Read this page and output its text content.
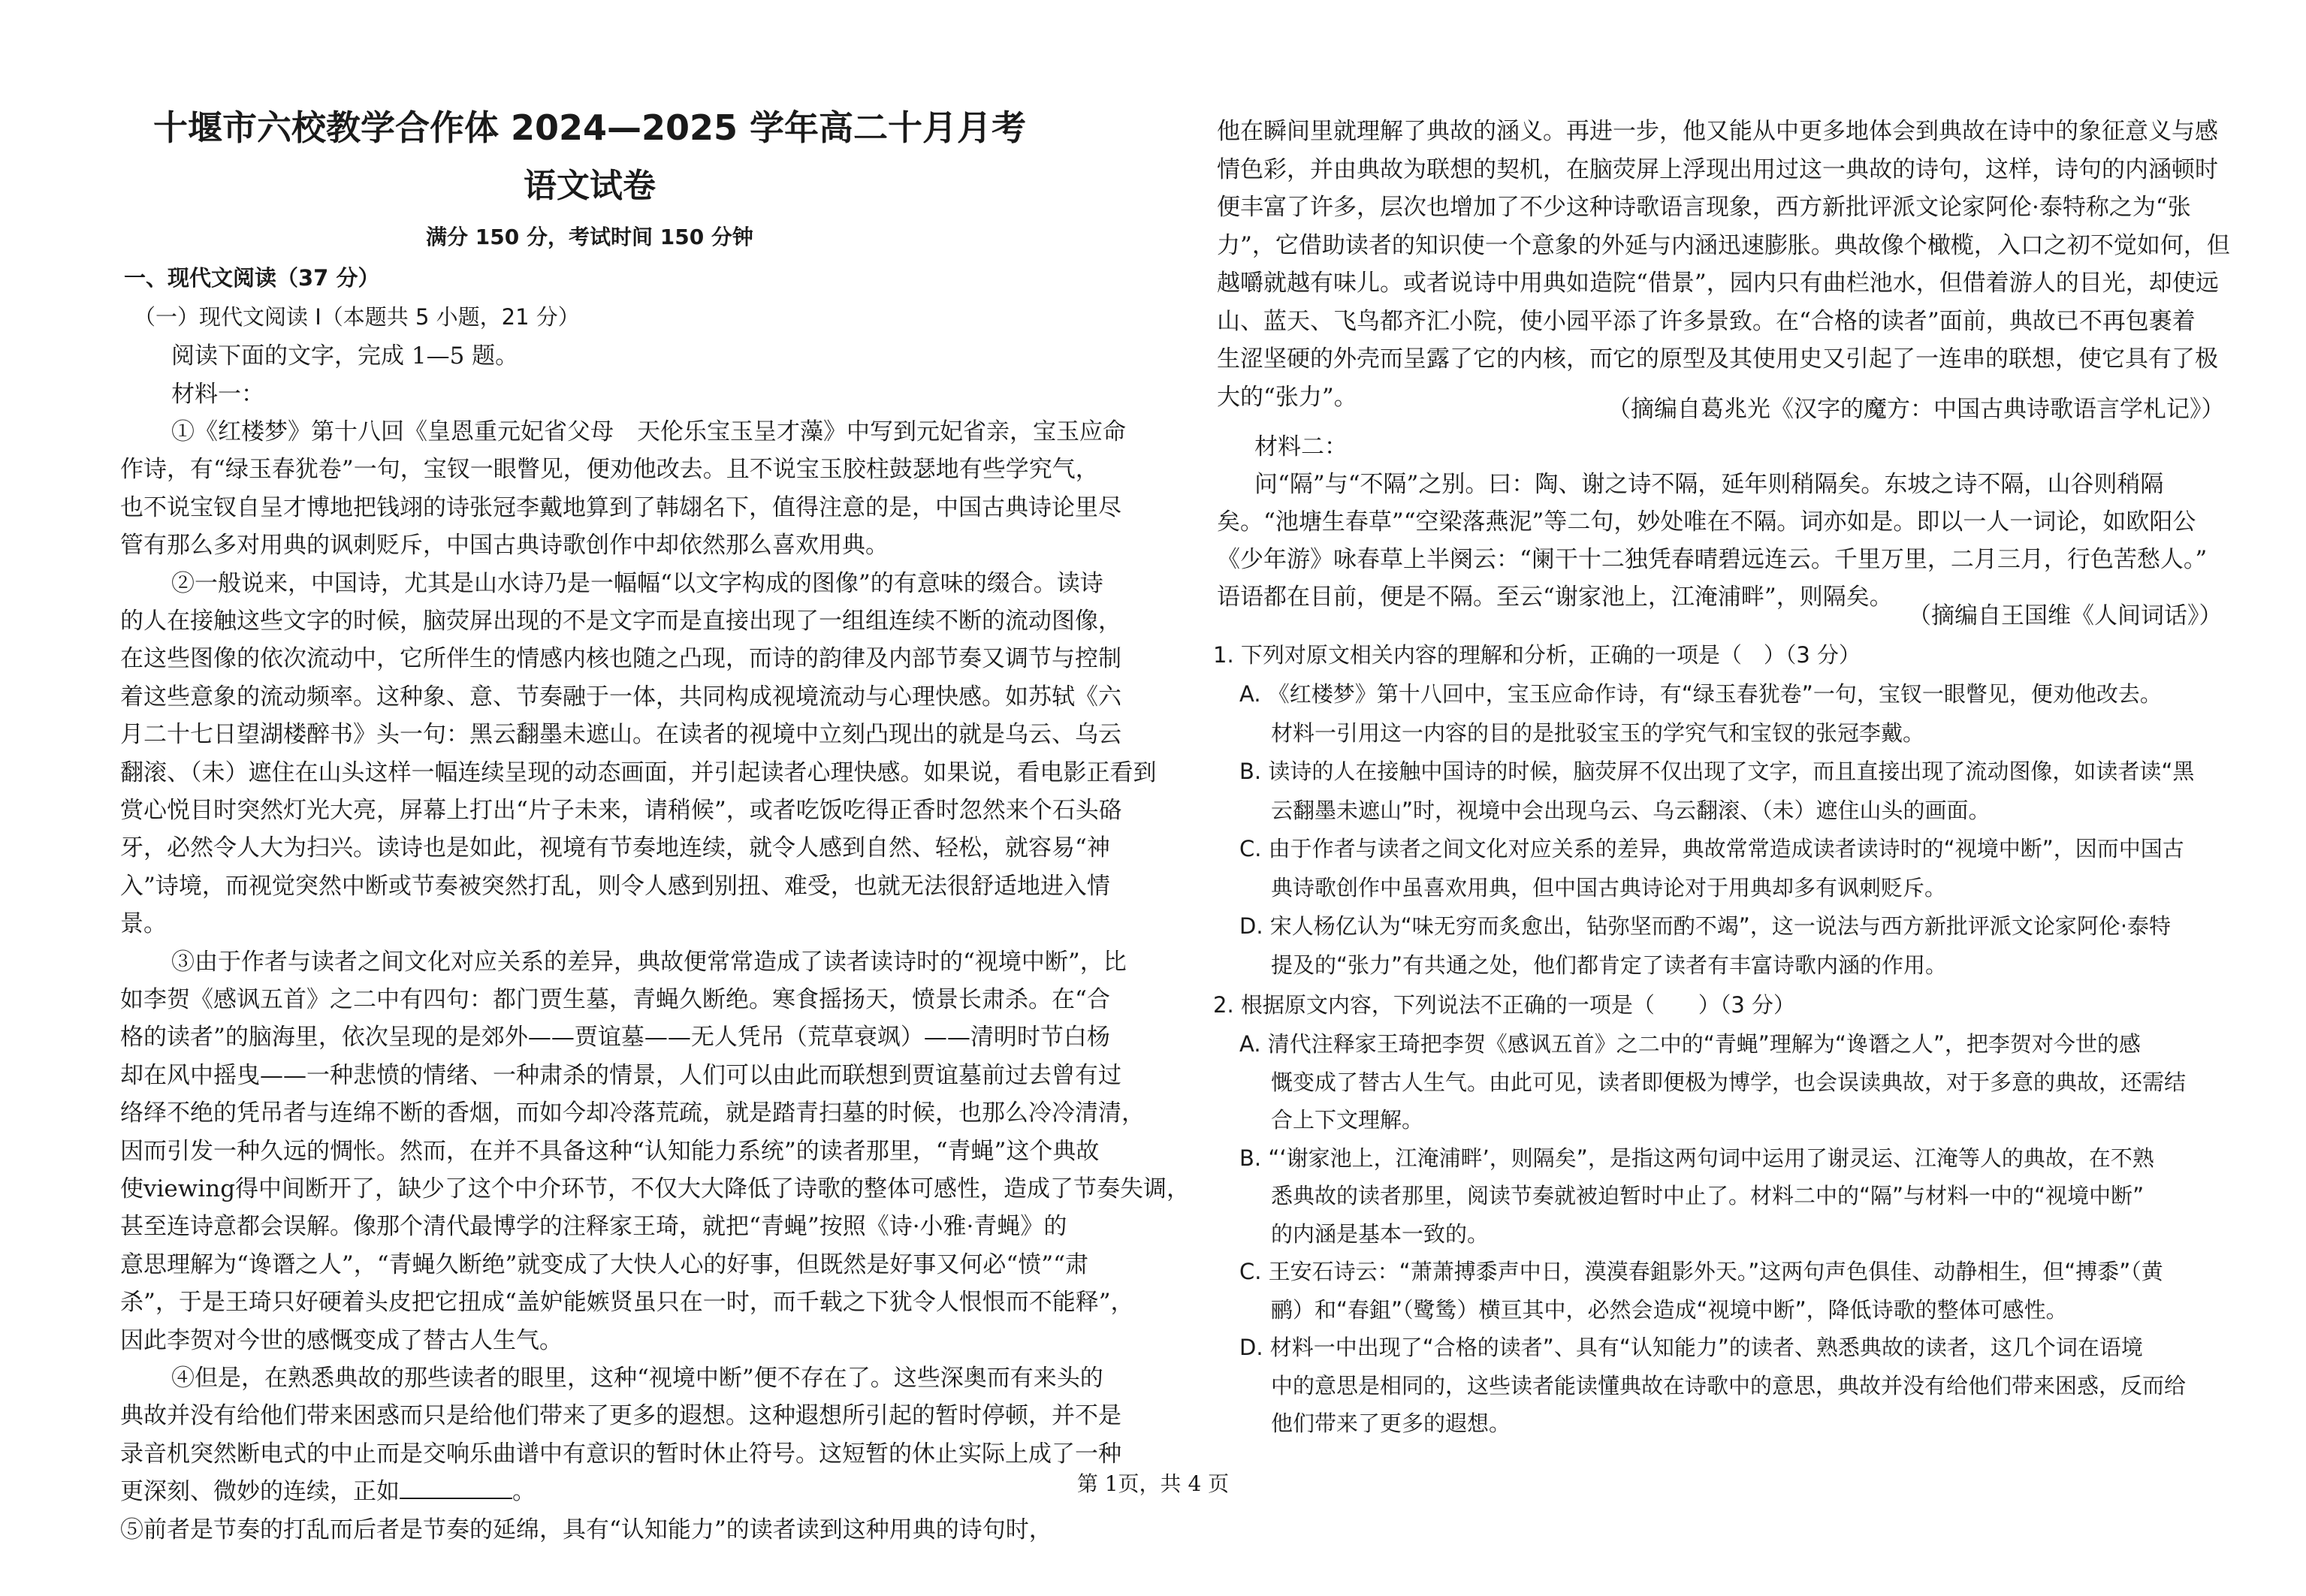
十堰市六校教学合作体 2024—2025 学年高二十月月考
语文试卷
满分 150 分，考试时间 150 分钟
一、现代文阅读（37 分）
（一）现代文阅读 I（本题共 5 小题，21 分）
阅读下面的文字，完成 1—5 题。
材料一：
①《红楼梦》第十八回《皇恩重元妃省父母　天伦乐宝玉呈才藻》中写到元妃省亲，宝玉应命
作诗，有“绿玉春犹卷”一句，宝钗一眼瞥见，便劝他改去。且不说宝玉胶柱鼓瑟地有些学究气，
也不说宝钗自呈才博地把钱翊的诗张冠李戴地算到了韩翃名下，值得注意的是，中国古典诗论里尽
管有那么多对用典的讽刺贬斥，中国古典诗歌创作中却依然那么喜欢用典。
②一般说来，中国诗，尤其是山水诗乃是一幅幅“以文字构成的图像”的有意味的缀合。读诗
的人在接触这些文字的时候，脑荧屏出现的不是文字而是直接出现了一组组连续不断的流动图像，
在这些图像的依次流动中，它所伴生的情感内核也随之凸现，而诗的韵律及内部节奏又调节与控制
着这些意象的流动频率。这种象、意、节奏融于一体，共同构成视境流动与心理快感。如苏轼《六
月二十七日望湖楼醉书》头一句：黑云翻墨未遮山。在读者的视境中立刻凸现出的就是乌云、乌云
翻滚、（未）遮住在山头这样一幅连续呈现的动态画面，并引起读者心理快感。如果说，看电影正看到
赏心悦目时突然灯光大亮，屏幕上打出“片子未来，请稍候”，或者吃饭吃得正香时忽然来个石头硌
牙，必然令人大为扫兴。读诗也是如此，视境有节奏地连续，就令人感到自然、轻松，就容易“神
入”诗境，而视觉突然中断或节奏被突然打乱，则令人感到别扭、难受，也就无法很舒适地进入情
景。
③由于作者与读者之间文化对应关系的差异，典故便常常造成了读者读诗时的“视境中断”，比
如李贺《感讽五首》之二中有四句：都门贾生墓，青蝇久断绝。寒食摇扬天，愤景长肃杀。在“合
格的读者”的脑海里，依次呈现的是郊外——贾谊墓——无人凭吊（荒草衰飒）——清明时节白杨
却在风中摇曳——一种悲愤的情绪、一种肃杀的情景，人们可以由此而联想到贾谊墓前过去曾有过
络绎不绝的凭吊者与连绵不断的香烟，而如今却冷落荒疏，就是踏青扫墓的时候，也那么冷冷清清，
因而引发一种久远的惆怅。然而，在并不具备这种“认知能力系统”的读者那里，“青蝇”这个典故
使viewing得中间断开了，缺少了这个中介环节，不仅大大降低了诗歌的整体可感性，造成了节奏失调，
甚至连诗意都会误解。像那个清代最博学的注释家王琦，就把“青蝇”按照《诗·小雅·青蝇》的
意思理解为“谗谮之人”，“青蝇久断绝”就变成了大快人心的好事，但既然是好事又何必“愤”“肃
杀”，于是王琦只好硬着头皮把它扭成“盖妒能嫉贤虽只在一时，而千载之下犹令人恨恨而不能释”，
因此李贺对今世的感慨变成了替古人生气。
④但是，在熟悉典故的那些读者的眼里，这种“视境中断”便不存在了。这些深奥而有来头的
典故并没有给他们带来困惑而只是给他们带来了更多的遐想。这种遐想所引起的暂时停顿，并不是
录音机突然断电式的中止而是交响乐曲谱中有意识的暂时休止符号。这短暂的休止实际上成了一种
更深刻、微妙的连续，正如	。
⑤前者是节奏的打乱而后者是节奏的延绵，具有“认知能力”的读者读到这种用典的诗句时，
他在瞬间里就理解了典故的涵义。再进一步，他又能从中更多地体会到典故在诗中的象征意义与感
情色彩，并由典故为联想的契机，在脑荧屏上浮现出用过这一典故的诗句，这样，诗句的内涵顿时
便丰富了许多，层次也增加了不少这种诗歌语言现象，西方新批评派文论家阿伦·泰特称之为“张
力”，它借助读者的知识使一个意象的外延与内涵迅速膨胀。典故像个橄榄，入口之初不觉如何，但
越嚼就越有味儿。或者说诗中用典如造院“借景”，园内只有曲栏池水，但借着游人的目光，却使远
山、蓝天、飞鸟都齐汇小院，使小园平添了许多景致。在“合格的读者”面前，典故已不再包裹着
生涩坚硬的外壳而呈露了它的内核，而它的原型及其使用史又引起了一连串的联想，使它具有了极
大的“张力”。	（摘编自葛兆光《汉字的魔方：中国古典诗歌语言学札记》）
材料二：
问“隔”与“不隔”之别。曰：陶、谢之诗不隔，延年则稍隔矣。东坡之诗不隔，山谷则稍隔
矣。“池塘生春草”“空梁落燕泥”等二句，妙处唯在不隔。词亦如是。即以一人一词论，如欧阳公
《少年游》咏春草上半阕云：“阑干十二独凭春晴碧远连云。千里万里，二月三月，行色苦愁人。”
语语都在目前，便是不隔。至云“谢家池上，江淹浦畔”，则隔矣。
（摘编自王国维《人间词话》）
1. 下列对原文相关内容的理解和分析，正确的一项是（　）（3 分）
A. 《红楼梦》第十八回中，宝玉应命作诗，有“绿玉春犹卷”一句，宝钗一眼瞥见，便劝他改去。
材料一引用这一内容的目的是批驳宝玉的学究气和宝钗的张冠李戴。
B. 读诗的人在接触中国诗的时候，脑荧屏不仅出现了文字，而且直接出现了流动图像，如读者读“黑
云翻墨未遮山”时，视境中会出现乌云、乌云翻滚、（未）遮住山头的画面。
C. 由于作者与读者之间文化对应关系的差异，典故常常造成读者读诗时的“视境中断”，因而中国古
典诗歌创作中虽喜欢用典，但中国古典诗论对于用典却多有讽刺贬斥。
D. 宋人杨亿认为“味无穷而炙愈出，钻弥坚而酌不竭”，这一说法与西方新批评派文论家阿伦·泰特
提及的“张力”有共通之处，他们都肯定了读者有丰富诗歌内涵的作用。
2. 根据原文内容，下列说法不正确的一项是（　　）（3 分）
A. 清代注释家王琦把李贺《感讽五首》之二中的“青蝇”理解为“谗谮之人”，把李贺对今世的感
慨变成了替古人生气。由此可见，读者即便极为博学，也会误读典故，对于多意的典故，还需结
合上下文理解。
B. “‘谢家池上，江淹浦畔’，则隔矣”，是指这两句词中运用了谢灵运、江淹等人的典故，在不熟
悉典故的读者那里，阅读节奏就被迫暂时中止了。材料二中的“隔”与材料一中的“视境中断”
的内涵是基本一致的。
C. 王安石诗云：“萧萧搏黍声中日，漠漠春鉏影外天。”这两句声色俱佳、动静相生，但“搏黍”（黄
鹂）和“春鉏”（鹭鸶）横亘其中，必然会造成“视境中断”，降低诗歌的整体可感性。
D. 材料一中出现了“合格的读者”、具有“认知能力”的读者、熟悉典故的读者，这几个词在语境
中的意思是相同的，这些读者能读懂典故在诗歌中的意思，典故并没有给他们带来困惑，反而给
他们带来了更多的遐想。
第 1页，共 4 页
